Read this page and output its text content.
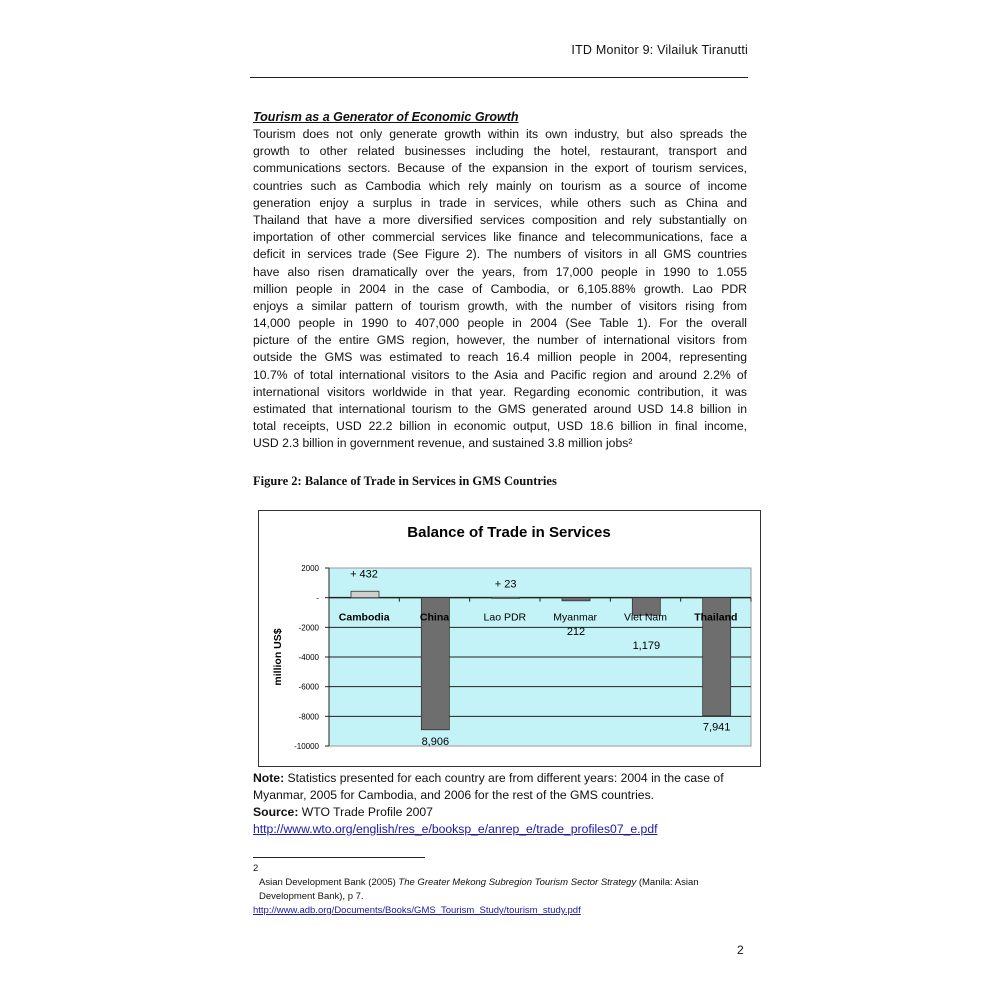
ITD Monitor 9: Vilailuk Tiranutti
Tourism as a Generator of Economic Growth
Tourism does not only generate growth within its own industry, but also spreads the
growth to other related businesses including the hotel, restaurant, transport and
communications sectors. Because of the expansion in the export of tourism services,
countries such as Cambodia which rely mainly on tourism as a source of income
generation enjoy a surplus in trade in services, while others such as China and
Thailand that have a more diversified services composition and rely substantially on
importation of other commercial services like finance and telecommunications, face a
deficit in services trade (See Figure 2). The numbers of visitors in all GMS countries
have also risen dramatically over the years, from 17,000 people in 1990 to 1.055
million people in 2004 in the case of Cambodia, or 6,105.88% growth. Lao PDR
enjoys a similar pattern of tourism growth, with the number of visitors rising from
14,000 people in 1990 to 407,000 people in 2004 (See Table 1). For the overall
picture of the entire GMS region, however, the number of international visitors from
outside the GMS was estimated to reach 16.4 million people in 2004, representing
10.7% of total international visitors to the Asia and Pacific region and around 2.2% of
international visitors worldwide in that year. Regarding economic contribution, it was
estimated that international tourism to the GMS generated around USD 14.8 billion in
total receipts, USD 22.2 billion in economic output, USD 18.6 billion in final income,
USD 2.3 billion in government revenue, and sustained 3.8 million jobs²
Figure 2: Balance of Trade in Services in GMS Countries
Balance of Trade in Services
2000
-
-2000
-4000
-6000
-8000
-10000
Cambodia
+ 432
China
8,906
Lao PDR
+ 23
Myanmar
212
Viet Nam
1,179
Thailand
7,941
million US$
Note: Statistics presented for each country are from different years: 2004 in the case of Myanmar, 2005 for Cambodia, and 2006 for the rest of the GMS countries.
Source: WTO Trade Profile 2007
http://www.wto.org/english/res_e/booksp_e/anrep_e/trade_profiles07_e.pdf
2
Asian Development Bank (2005) The Greater Mekong Subregion Tourism Sector Strategy (Manila: Asian Development Bank), p 7.
http://www.adb.org/Documents/Books/GMS_Tourism_Study/tourism_study.pdf
2
